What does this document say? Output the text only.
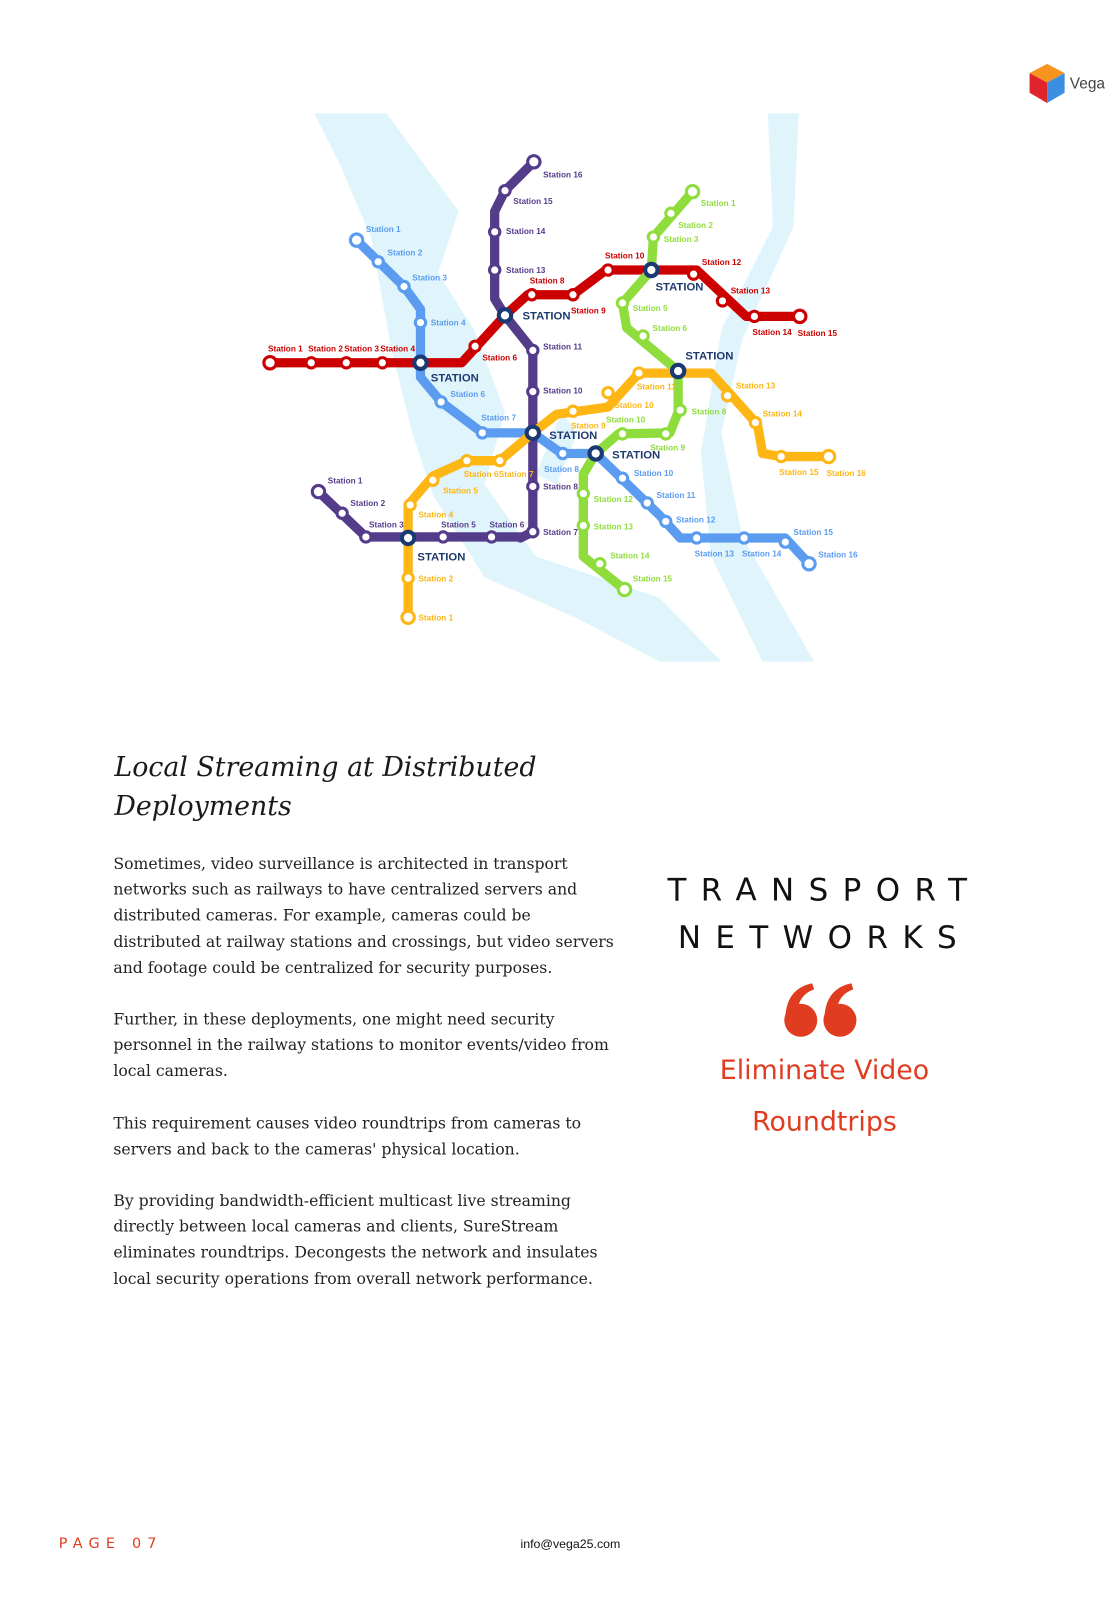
Vega
Station 1 Station 2 Station 3 Station 4
Station 6
Station 8
Station 9
Station 10
Station 12
Station 13
Station 14 Station 15
Station 1
Station 2
Station 3
Station 4
Station 6
Station 7
Station 8	Station 10
Station 11
Station 12
Station 13 Station 14
Station 15
Station 16
Station 16
Station 15
Station 14
Station 13
Station 11
Station 10
Station 8
Station 7
Station 1
Station 2
Station 3	Station 5 Station 6
Station 1
Station 2
Station 3
Station 5
Station 6
Station 8
Station 10
Station 9
Station 12
Station 13
Station 14
Station 15
Station 1
Station 2
Station 4
Station 5
Station 6 Station 7
Station 9
Station 10
Station 11	Station 13
Station 14
Station 15 Station 16
STATION
STATION
STATION
STATION
STATION
STATION
STATION
Local Streaming at Distributed Deployments

Sometimes, video surveillance is architected in transport networks such as railways to have centralized servers and distributed cameras. For example, cameras could be distributed at railway stations and crossings, but video servers and footage could be centralized for security purposes.

Further, in these deployments, one might need security personnel in the railway stations to monitor events/video from local cameras.

This requirement causes video roundtrips from cameras to servers and back to the cameras' physical location.

By providing bandwidth-efficient multicast live streaming directly between local cameras and clients, SureStream eliminates roundtrips. Decongests the network and insulates local security operations from overall network performance.

TRANSPORT
NETWORKS
Eliminate Video Roundtrips
PAGE 07	info@vega25.com
